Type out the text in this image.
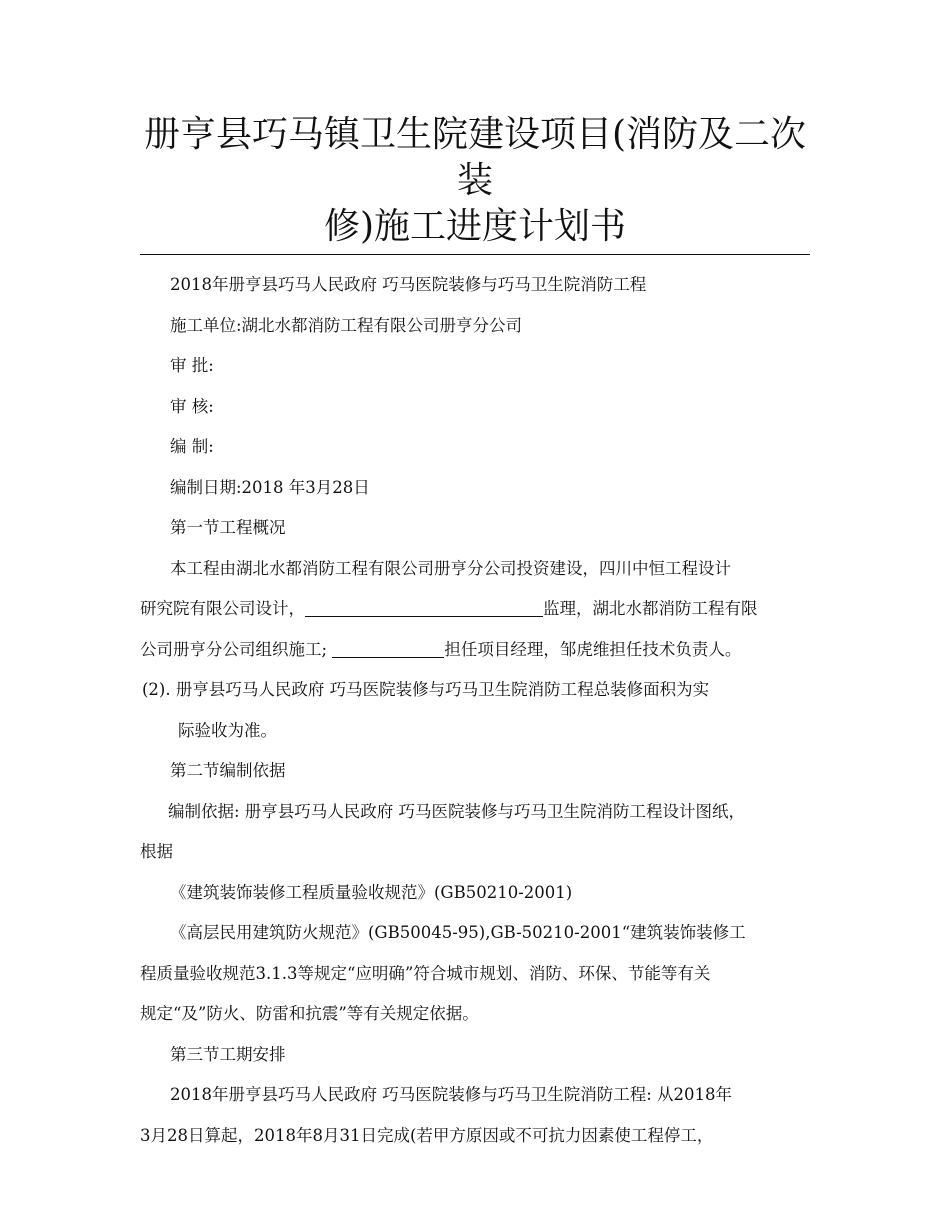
册亨县巧马镇卫生院建设项目(消防及二次装
修)施工进度计划书

2018年册亨县巧马人民政府 巧马医院装修与巧马卫生院消防工程

施工单位:湖北水都消防工程有限公司册亨分公司

审 批:

审 核:

编 制:

编制日期:2018 年3月28日

第一节工程概况

本工程由湖北水都消防工程有限公司册亨分公司投资建设，四川中恒工程设计

研究院有限公司设计，	监理，湖北水都消防工程有限

公司册亨分公司组织施工;	担任项目经理，邹虎维担任技术负责人。

(2). 册亨县巧马人民政府 巧马医院装修与巧马卫生院消防工程总装修面积为实

际验收为准。

第二节编制依据

编制依据: 册亨县巧马人民政府 巧马医院装修与巧马卫生院消防工程设计图纸，

根据

《建筑装饰装修工程质量验收规范》(GB50210-2001)

《高层民用建筑防火规范》(GB50045-95),GB-50210-2001“建筑装饰装修工

程质量验收规范3.1.3等规定“应明确”符合城市规划、消防、环保、节能等有关

规定“及”防火、防雷和抗震”等有关规定依据。

第三节工期安排

2018年册亨县巧马人民政府 巧马医院装修与巧马卫生院消防工程: 从2018年

3月28日算起，2018年8月31日完成(若甲方原因或不可抗力因素使工程停工，
